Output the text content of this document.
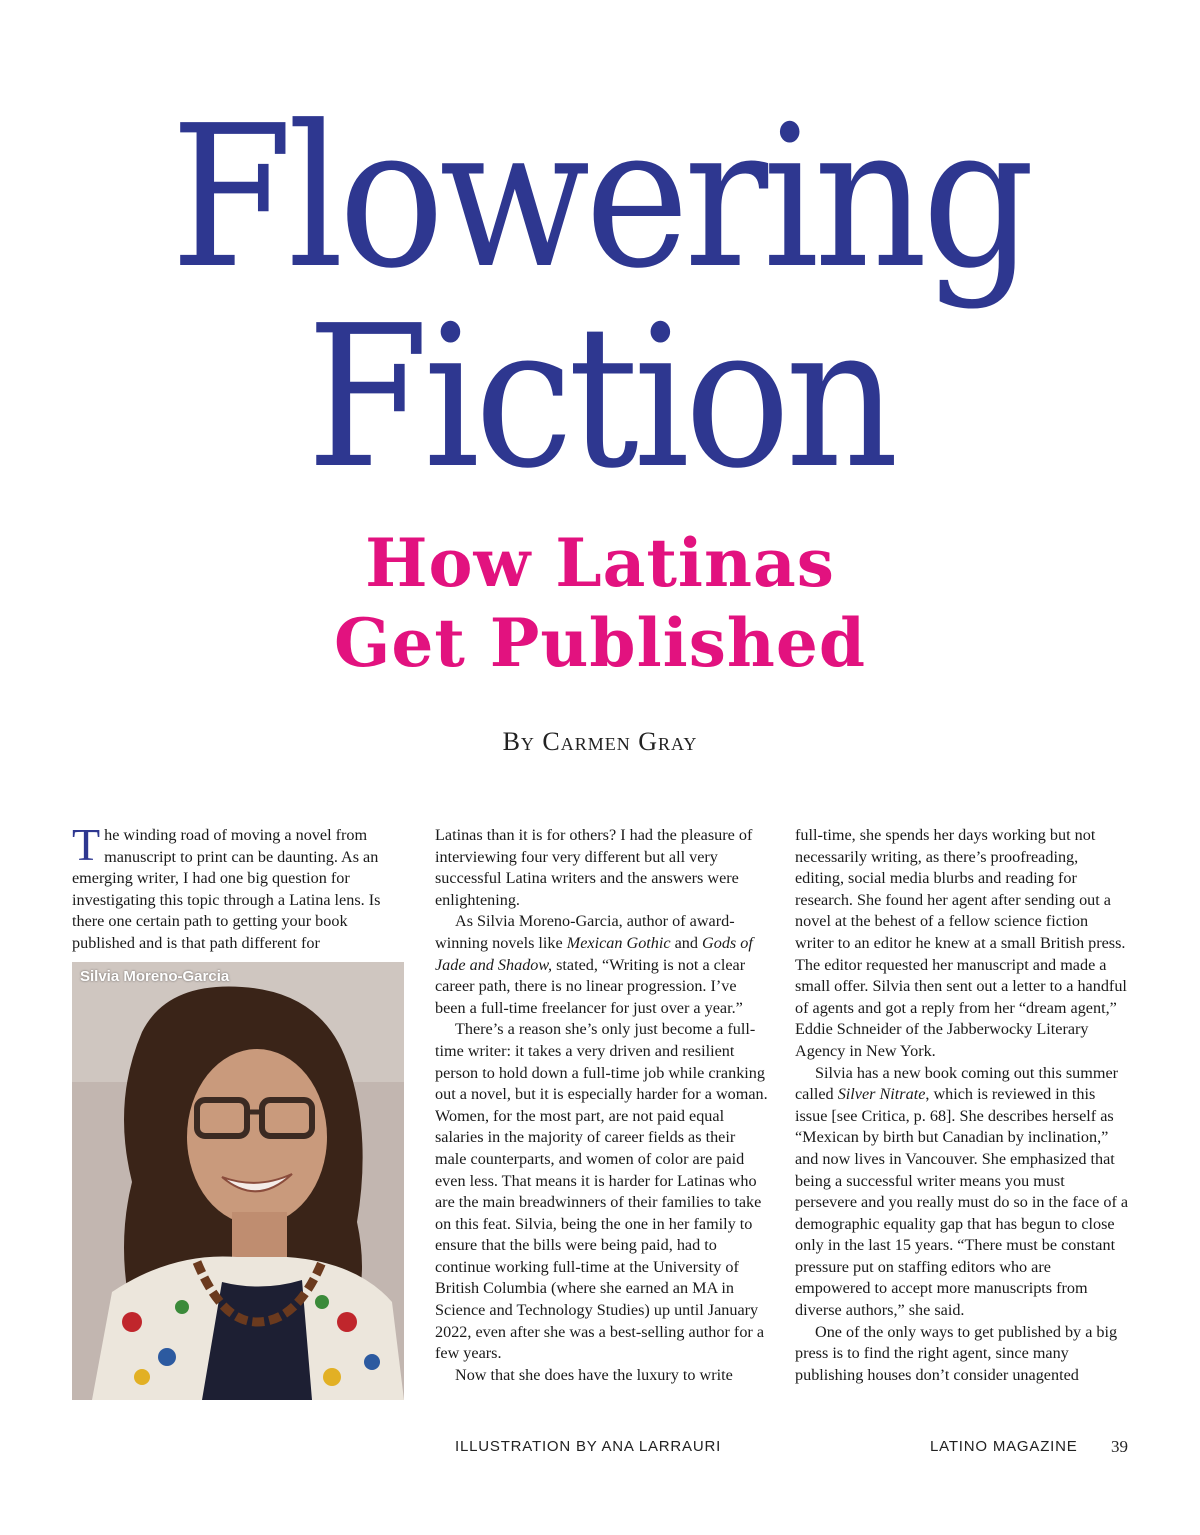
Flowering
Fiction
How Latinas
Get Published
By Carmen Gray

The winding road of moving a novel from manuscript to print can be daunting. As an emerging writer, I had one big question for investigating this topic through a Latina lens. Is there one certain path to getting your book published and is that path different for

Silvia Moreno-Garcia

Latinas than it is for others? I had the pleasure of interviewing four very different but all very successful Latina writers and the answers were enlightening.

As Silvia Moreno-Garcia, author of award-winning novels like Mexican Gothic and Gods of Jade and Shadow, stated, “Writing is not a clear career path, there is no linear progression. I’ve been a full-time freelancer for just over a year.”

There’s a reason she’s only just become a full-time writer: it takes a very driven and resilient person to hold down a full-time job while cranking out a novel, but it is especially harder for a woman. Women, for the most part, are not paid equal salaries in the majority of career fields as their male counterparts, and women of color are paid even less. That means it is harder for Latinas who are the main breadwinners of their families to take on this feat. Silvia, being the one in her family to ensure that the bills were being paid, had to continue working full-time at the University of British Columbia (where she earned an MA in Science and Technology Studies) up until January 2022, even after she was a best-selling author for a few years.

Now that she does have the luxury to write

full-time, she spends her days working but not necessarily writing, as there’s proofreading, editing, social media blurbs and reading for research. She found her agent after sending out a novel at the behest of a fellow science fiction writer to an editor he knew at a small British press. The editor requested her manuscript and made a small offer. Silvia then sent out a letter to a handful of agents and got a reply from her “dream agent,” Eddie Schneider of the Jabberwocky Literary Agency in New York.

Silvia has a new book coming out this summer called Silver Nitrate, which is reviewed in this issue [see Critica, p. 68]. She describes herself as “Mexican by birth but Canadian by inclination,” and now lives in Vancouver. She emphasized that being a successful writer means you must persevere and you really must do so in the face of a demographic equality gap that has begun to close only in the last 15 years. “There must be constant pressure put on staffing editors who are empowered to accept more manuscripts from diverse authors,” she said.

One of the only ways to get published by a big press is to find the right agent, since many publishing houses don’t consider unagented

ILLUSTRATION BY ANA LARRAURI	LATINO MAGAZINE 39
